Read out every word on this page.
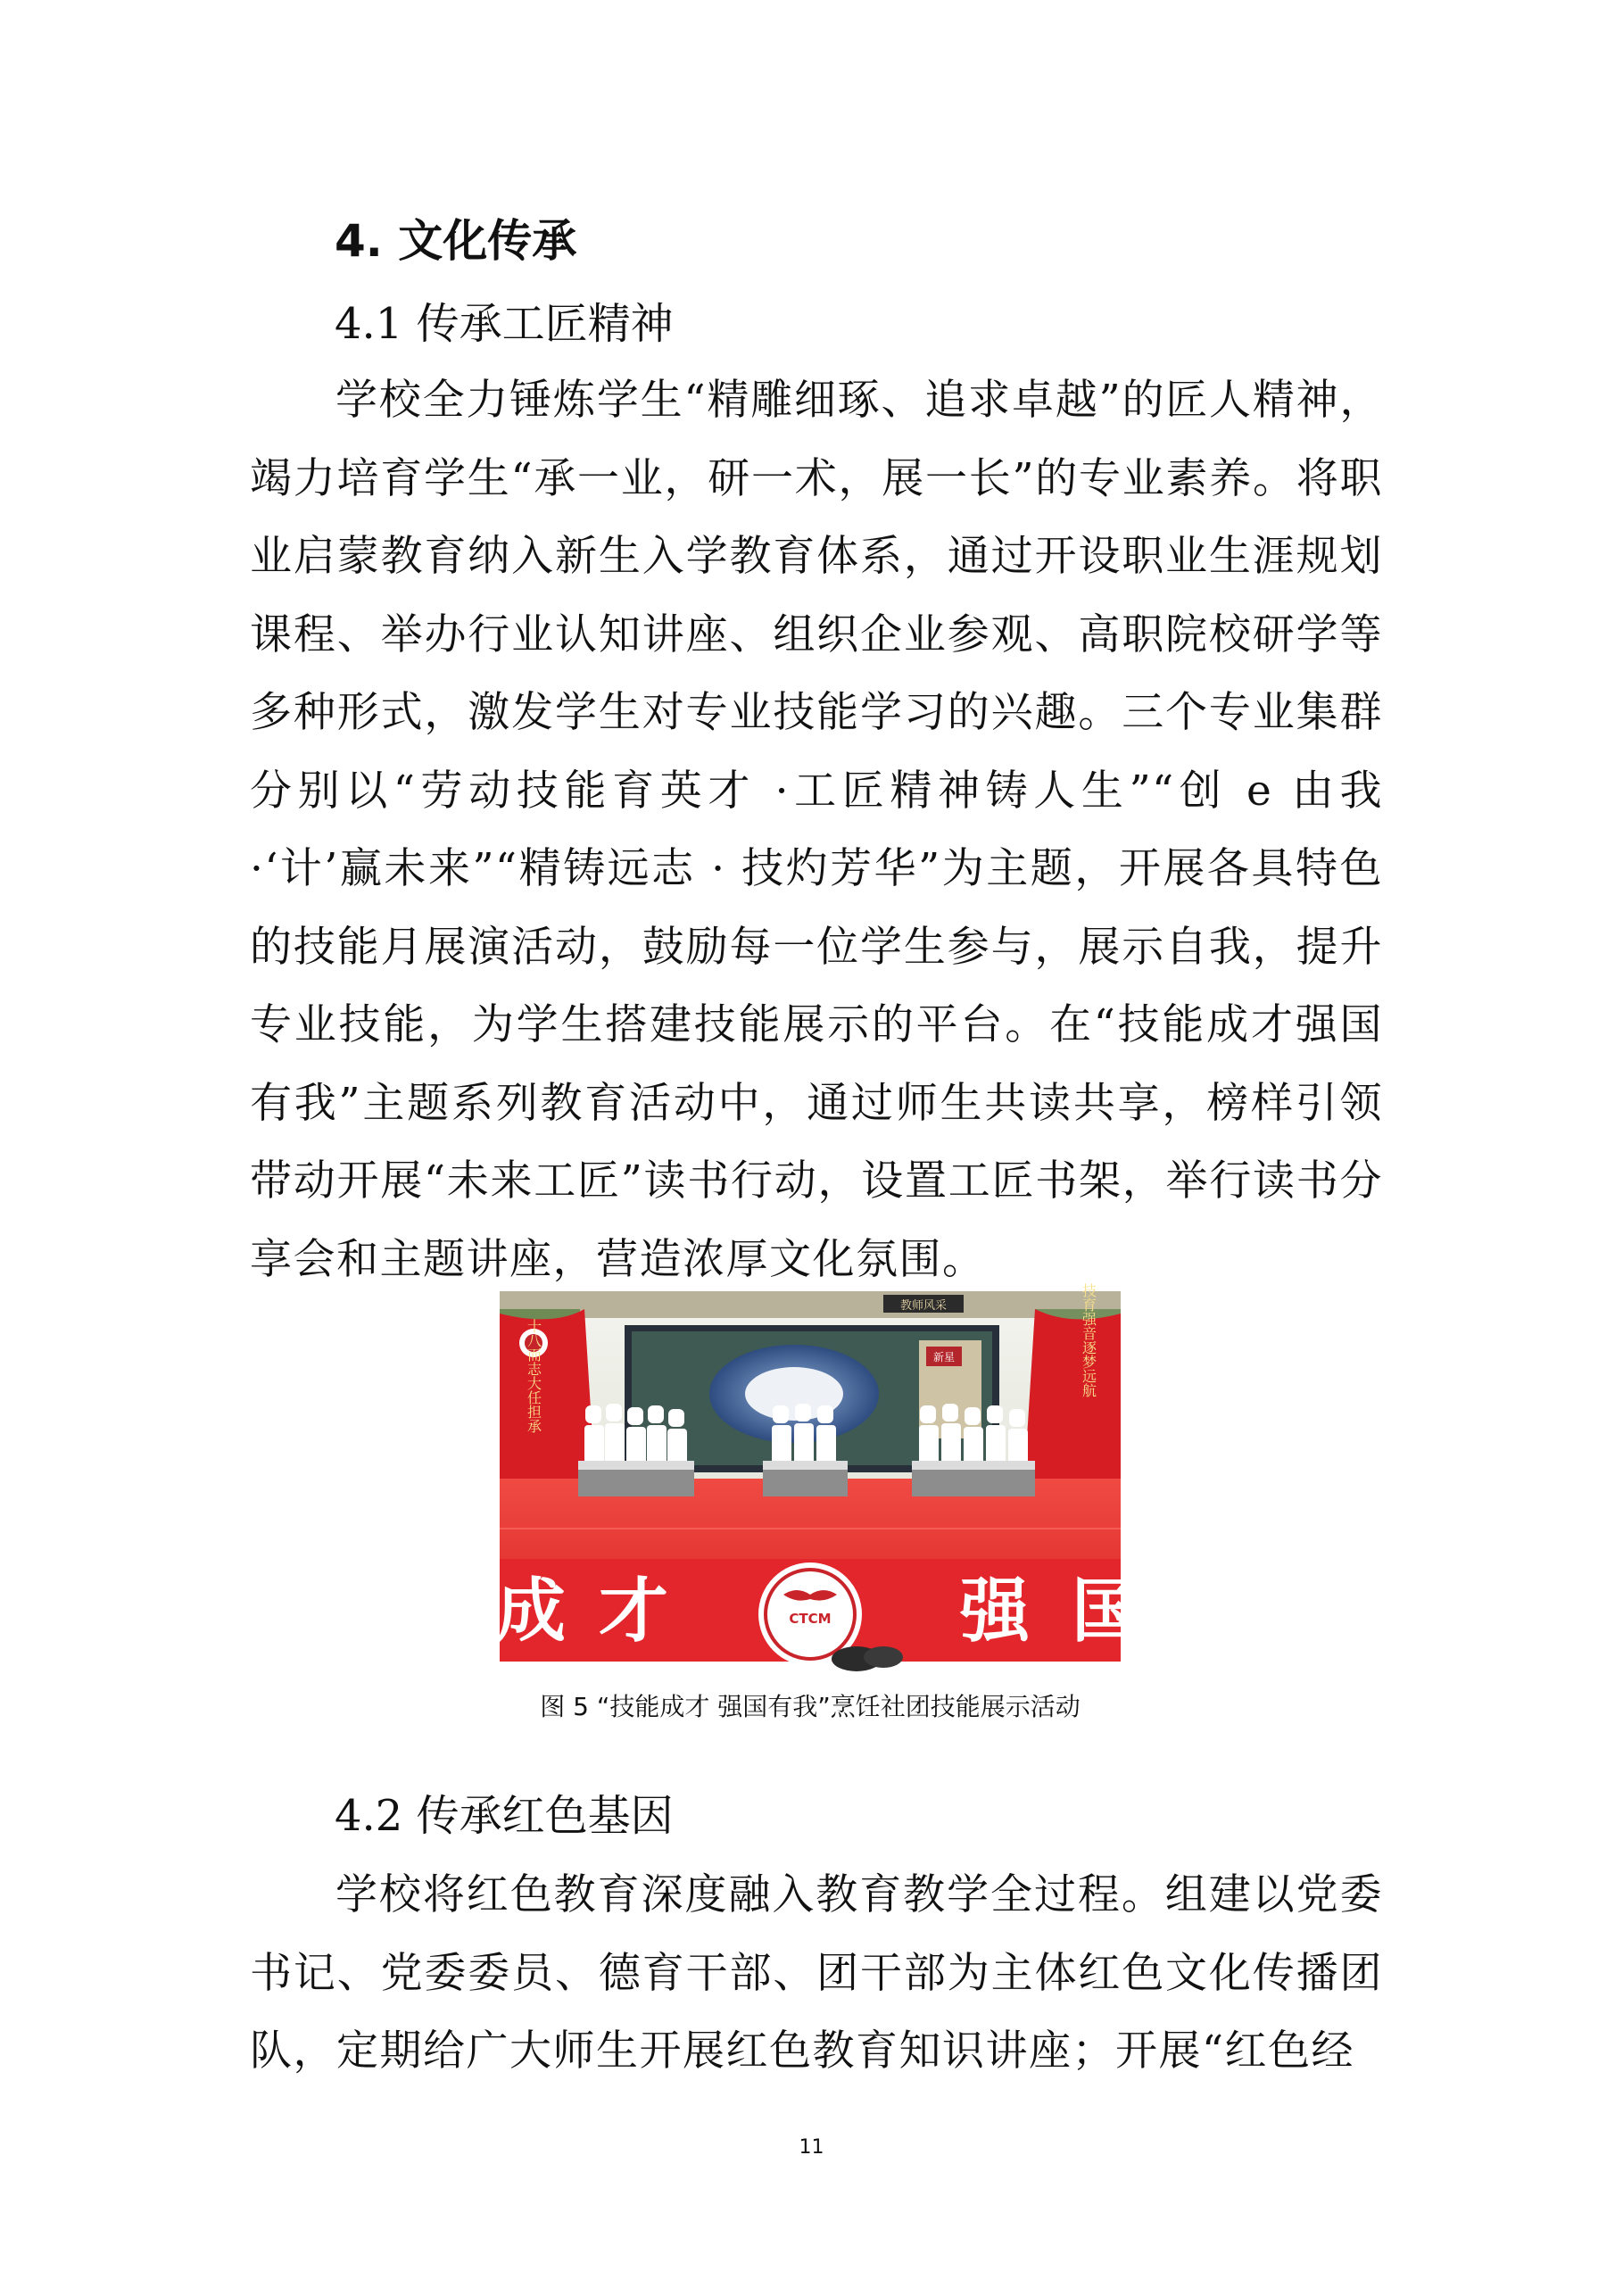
4. 文化传承
4.1 传承工匠精神

学校全力锤炼学生“精雕细琢、追求卓越”的匠人精神，竭力培育学生“承一业，研一术，展一长”的专业素养。将职业启蒙教育纳入新生入学教育体系，通过开设职业生涯规划课程、举办行业认知讲座、组织企业参观、高职院校研学等多种形式，激发学生对专业技能学习的兴趣。三个专业集群分别以“劳动技能育英才 ·工匠精神铸人生”“创 e 由我 ·‘计’赢未来”“精铸远志 · 技灼芳华”为主题，开展各具特色的技能月展演活动，鼓励每一位学生参与，展示自我，提升专业技能，为学生搭建技能展示的平台。在“技能成才强国有我”主题系列教育活动中，通过师生共读共享，榜样引领带动开展“未来工匠”读书行动，设置工匠书架，举行读书分享会和主题讲座，营造浓厚文化氛围。

教师风采
新星
十八而志大任担承	技育强音逐梦远航
成 才	强 国
CTCM

图 5 “技能成才 强国有我”烹饪社团技能展示活动

4.2 传承红色基因

学校将红色教育深度融入教育教学全过程。组建以党委书记、党委委员、德育干部、团干部为主体红色文化传播团队，定期给广大师生开展红色教育知识讲座；开展“红色经

11
